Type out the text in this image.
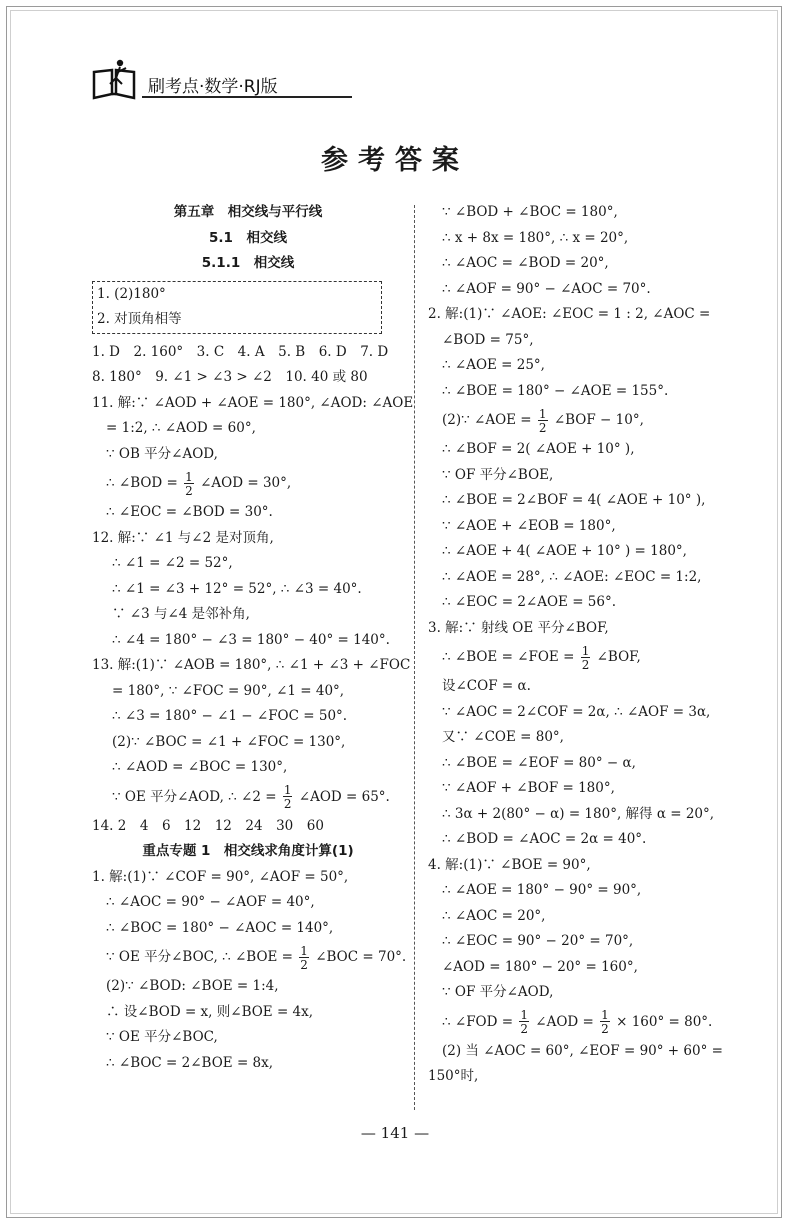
刷考点·数学·RJ版
参考答案
第五章　相交线与平行线
5.1　相交线
5.1.1　相交线
1. (2)180°
2. 对顶角相等
1. D　2. 160°　3. C　4. A　5. B　6. D　7. D
8. 180°　9. ∠1 > ∠3 > ∠2　10. 40 或 80
11. 解:∵ ∠AOD + ∠AOE = 180°, ∠AOD: ∠AOE
= 1:2, ∴ ∠AOD = 60°,
∵ OB 平分∠AOD,
∴ ∠BOD = $\frac{1}{2}$ ∠AOD = 30°,
∴ ∠EOC = ∠BOD = 30°.
12. 解:∵ ∠1 与∠2 是对顶角,
∴ ∠1 = ∠2 = 52°,
∴ ∠1 = ∠3 + 12° = 52°, ∴ ∠3 = 40°.
∵ ∠3 与∠4 是邻补角,
∴ ∠4 = 180° − ∠3 = 180° − 40° = 140°.
13. 解:(1)∵ ∠AOB = 180°, ∴ ∠1 + ∠3 + ∠FOC
= 180°, ∵ ∠FOC = 90°, ∠1 = 40°,
∴ ∠3 = 180° − ∠1 − ∠FOC = 50°.
(2)∵ ∠BOC = ∠1 + ∠FOC = 130°,
∴ ∠AOD = ∠BOC = 130°,
∵ OE 平分∠AOD, ∴ ∠2 = $\frac{1}{2}$ ∠AOD = 65°.
14. 2　4　6　12　12　24　30　60
重点专题 1　相交线求角度计算(1)
1. 解:(1)∵ ∠COF = 90°, ∠AOF = 50°,
∴ ∠AOC = 90° − ∠AOF = 40°,
∴ ∠BOC = 180° − ∠AOC = 140°,
∵ OE 平分∠BOC, ∴ ∠BOE = $\frac{1}{2}$ ∠BOC = 70°.
(2)∵ ∠BOD: ∠BOE = 1:4,
∴ 设∠BOD = x, 则∠BOE = 4x,
∵ OE 平分∠BOC,
∴ ∠BOC = 2∠BOE = 8x,
∵ ∠BOD + ∠BOC = 180°,
∴ x + 8x = 180°, ∴ x = 20°,
∴ ∠AOC = ∠BOD = 20°,
∴ ∠AOF = 90° − ∠AOC = 70°.
2. 解:(1)∵ ∠AOE: ∠EOC = 1 : 2, ∠AOC =
∠BOD = 75°,
∴ ∠AOE = 25°,
∴ ∠BOE = 180° − ∠AOE = 155°.
(2)∵ ∠AOE = $\frac{1}{2}$ ∠BOF − 10°,
∴ ∠BOF = 2( ∠AOE + 10° ),
∵ OF 平分∠BOE,
∴ ∠BOE = 2∠BOF = 4( ∠AOE + 10° ),
∵ ∠AOE + ∠EOB = 180°,
∴ ∠AOE + 4( ∠AOE + 10° ) = 180°,
∴ ∠AOE = 28°, ∴ ∠AOE: ∠EOC = 1:2,
∴ ∠EOC = 2∠AOE = 56°.
3. 解:∵ 射线 OE 平分∠BOF,
∴ ∠BOE = ∠FOE = $\frac{1}{2}$ ∠BOF,
设∠COF = α.
∵ ∠AOC = 2∠COF = 2α, ∴ ∠AOF = 3α,
又∵ ∠COE = 80°,
∴ ∠BOE = ∠EOF = 80° − α,
∵ ∠AOF + ∠BOF = 180°,
∴ 3α + 2(80° − α) = 180°, 解得 α = 20°,
∴ ∠BOD = ∠AOC = 2α = 40°.
4. 解:(1)∵ ∠BOE = 90°,
∴ ∠AOE = 180° − 90° = 90°,
∴ ∠AOC = 20°,
∴ ∠EOC = 90° − 20° = 70°,
∠AOD = 180° − 20° = 160°,
∵ OF 平分∠AOD,
∴ ∠FOD = $\frac{1}{2}$ ∠AOD = $\frac{1}{2} \times 160^\circ = 80^\circ$.
(2) 当 ∠AOC = 60°, ∠EOF = 90° + 60° =
150°时,
— 141 —
